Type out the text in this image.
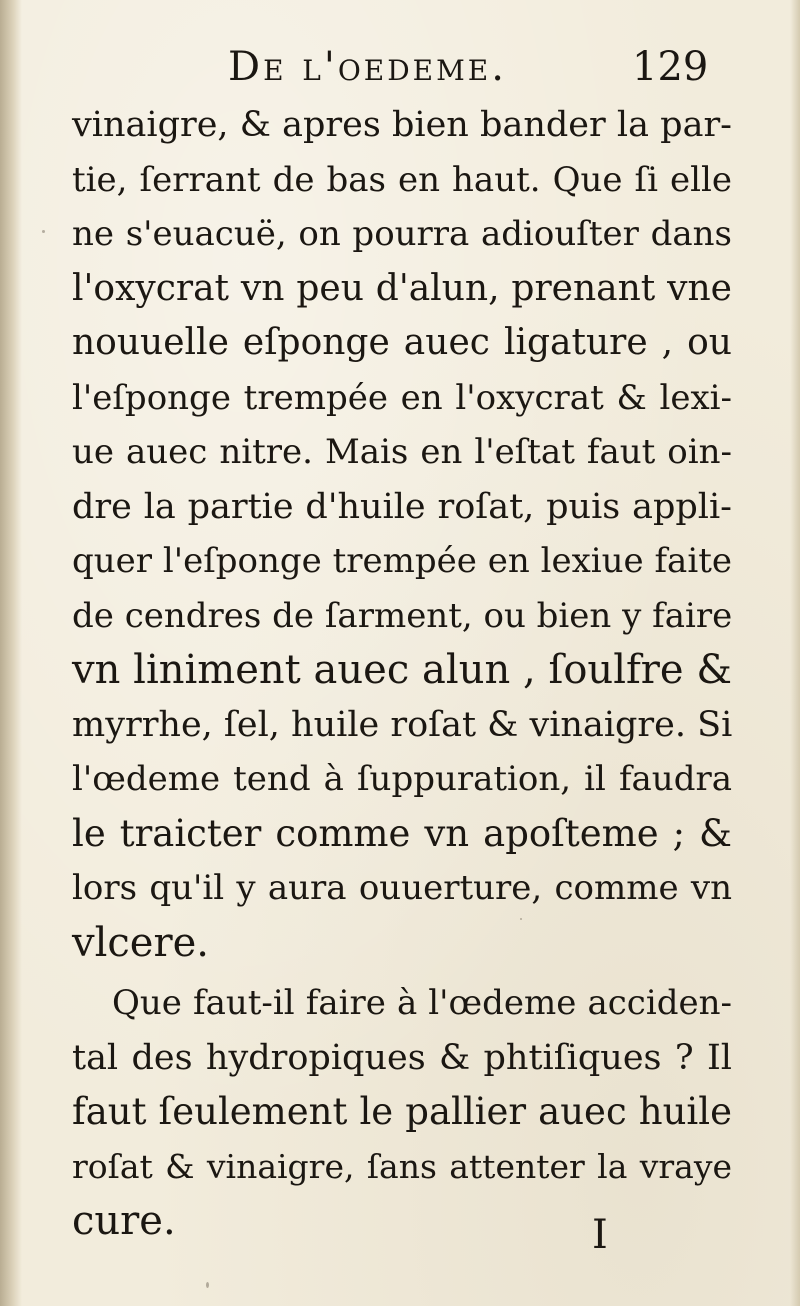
De l'oedeme.	129
vinaigre, & apres bien bander la par-
tie, ſerrant de bas en haut. Que ſi elle
ne s'euacuë, on pourra adiouſter dans
l'oxycrat vn peu d'alun, prenant vne
nouuelle eſponge auec ligature , ou
l'eſponge trempée en l'oxycrat & lexi-
ue auec nitre. Mais en l'eſtat faut oin-
dre la partie d'huile roſat, puis appli-
quer l'eſponge trempée en lexiue faite
de cendres de ſarment, ou bien y faire
vn liniment auec alun , ſoulfre &
myrrhe, ſel, huile roſat & vinaigre. Si
l'œdeme tend à ſuppuration, il faudra
le traicter comme vn apoſteme ; &
lors qu'il y aura ouuerture, comme vn
vlcere.
Que faut-il faire à l'œdeme acciden-
tal des hydropiques & phtiſiques ? Il
faut ſeulement le pallier auec huile
roſat & vinaigre, ſans attenter la vraye
cure.	I
